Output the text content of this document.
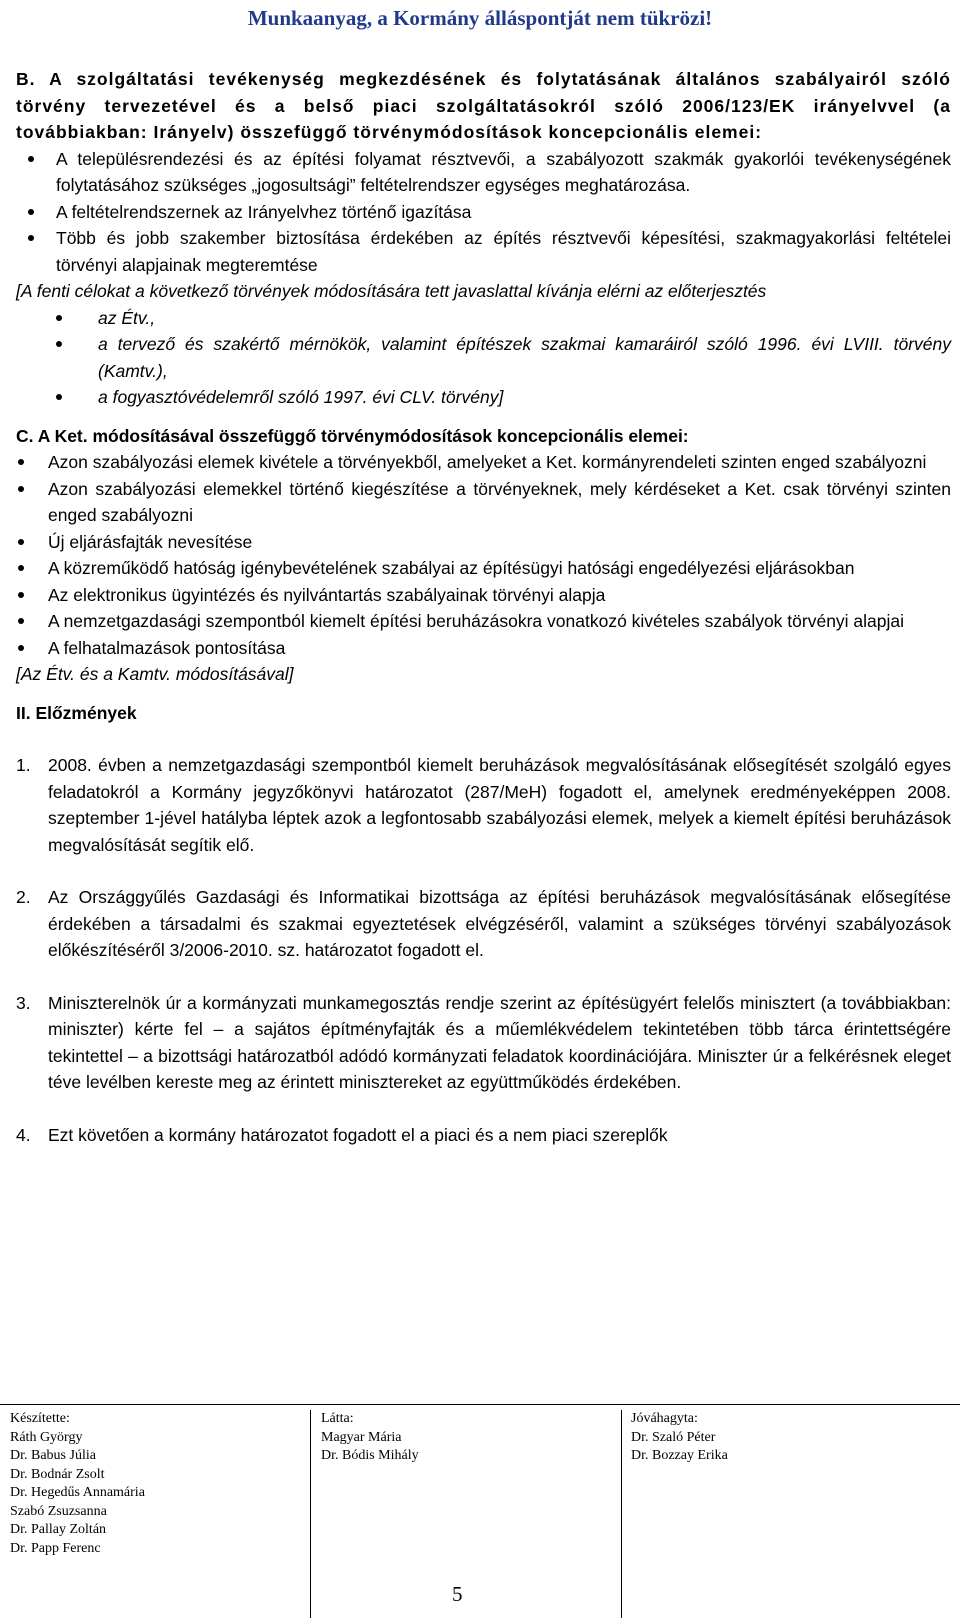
Munkaanyag, a Kormány álláspontját nem tükrözi!

B. A szolgáltatási tevékenység megkezdésének és folytatásának általános szabályairól szóló törvény tervezetével és a belső piaci szolgáltatásokról szóló 2006/123/EK irányelvvel (a továbbiakban: Irányelv) összefüggő törvénymódosítások koncepcionális elemei:

A településrendezési és az építési folyamat résztvevői, a szabályozott szakmák gyakorlói tevékenységének folytatásához szükséges „jogosultsági” feltételrendszer egységes meghatározása.
A feltételrendszernek az Irányelvhez történő igazítása
Több és jobb szakember biztosítása érdekében az építés résztvevői képesítési, szakmagyakorlási feltételei törvényi alapjainak megteremtése

[A fenti célokat a következő törvények módosítására tett javaslattal kívánja elérni az előterjesztés

az Étv.,
a tervező és szakértő mérnökök, valamint építészek szakmai kamaráiról szóló 1996. évi LVIII. törvény (Kamtv.),
a fogyasztóvédelemről szóló 1997. évi CLV. törvény]

C. A Ket. módosításával összefüggő törvénymódosítások koncepcionális elemei:

Azon szabályozási elemek kivétele a törvényekből, amelyeket a Ket. kormányrendeleti szinten enged szabályozni
Azon szabályozási elemekkel történő kiegészítése a törvényeknek, mely kérdéseket a Ket. csak törvényi szinten enged szabályozni
Új eljárásfajták nevesítése
A közreműködő hatóság igénybevételének szabályai az építésügyi hatósági engedélyezési eljárásokban
Az elektronikus ügyintézés és nyilvántartás szabályainak törvényi alapja
A nemzetgazdasági szempontból kiemelt építési beruházásokra vonatkozó kivételes szabályok törvényi alapjai
A felhatalmazások pontosítása

[Az Étv. és a Kamtv. módosításával]

II. Előzmények

1. 2008. évben a nemzetgazdasági szempontból kiemelt beruházások megvalósításának elősegítését szolgáló egyes feladatokról a Kormány jegyzőkönyvi határozatot (287/MeH) fogadott el, amelynek eredményeképpen 2008. szeptember 1-jével hatályba léptek azok a legfontosabb szabályozási elemek, melyek a kiemelt építési beruházások megvalósítását segítik elő.
2. Az Országgyűlés Gazdasági és Informatikai bizottsága az építési beruházások megvalósításának elősegítése érdekében a társadalmi és szakmai egyeztetések elvégzéséről, valamint a szükséges törvényi szabályozások előkészítéséről 3/2006-2010. sz. határozatot fogadott el.
3. Miniszterelnök úr a kormányzati munkamegosztás rendje szerint az építésügyért felelős minisztert (a továbbiakban: miniszter) kérte fel – a sajátos építményfajták és a műemlékvédelem tekintetében több tárca érintettségére tekintettel – a bizottsági határozatból adódó kormányzati feladatok koordinációjára. Miniszter úr a felkérésnek eleget téve levélben kereste meg az érintett minisztereket az együttműködés érdekében.
4. Ezt követően a kormány határozatot fogadott el a piaci és a nem piaci szereplők
Készítette:
Ráth György
Dr. Babus Júlia
Dr. Bodnár Zsolt
Dr. Hegedűs Annamária
Szabó Zsuzsanna
Dr. Pallay Zoltán
Dr. Papp Ferenc
Látta:
Magyar Mária
Dr. Bódis Mihály
Jóváhagyta:
Dr. Szaló Péter
Dr. Bozzay Erika
5
